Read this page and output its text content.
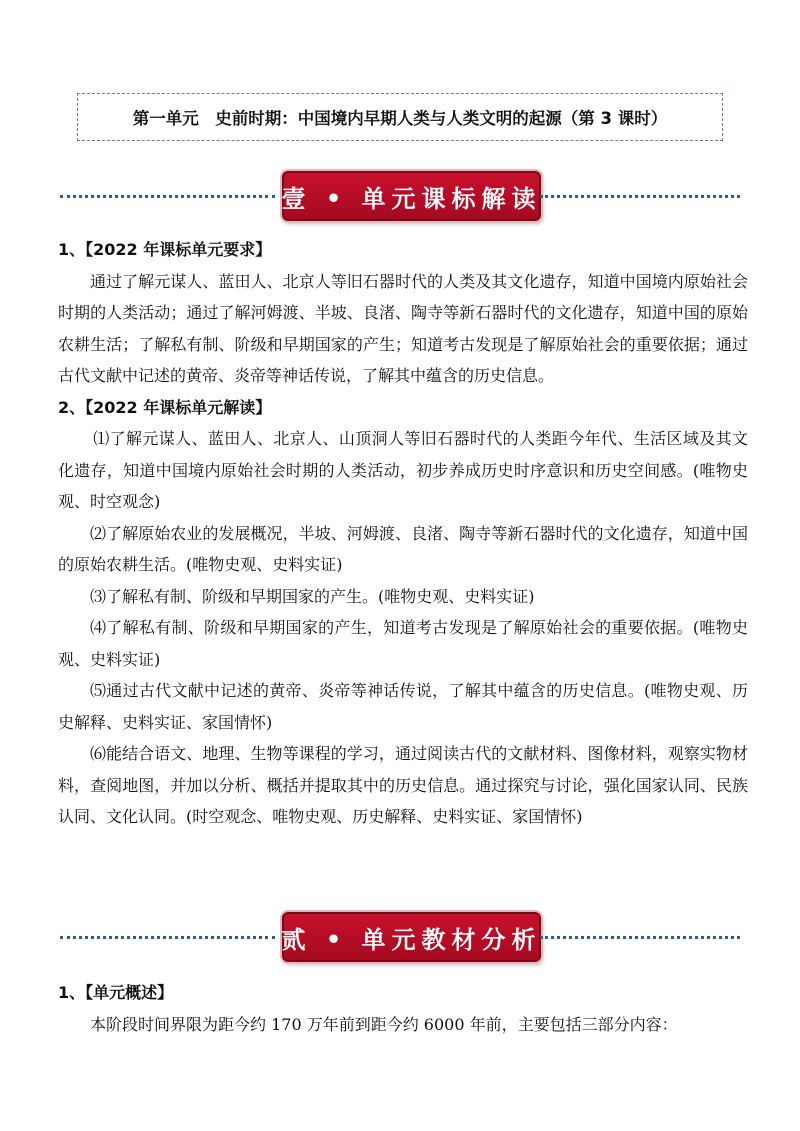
第一单元　史前时期：中国境内早期人类与人类文明的起源（第 3 课时）
壹 • 单元课标解读

1、【2022 年课标单元要求】

通过了解元谋人、蓝田人、北京人等旧石器时代的人类及其文化遗存，知道中国境内原始社会时期的人类活动；通过了解河姆渡、半坡、良渚、陶寺等新石器时代的文化遗存，知道中国的原始农耕生活；了解私有制、阶级和早期国家的产生；知道考古发现是了解原始社会的重要依据；通过古代文献中记述的黄帝、炎帝等神话传说，了解其中蕴含的历史信息。

2、【2022 年课标单元解读】

⑴了解元谋人、蓝田人、北京人、山顶洞人等旧石器时代的人类距今年代、生活区域及其文化遗存，知道中国境内原始社会时期的人类活动，初步养成历史时序意识和历史空间感。(唯物史观、时空观念)

⑵了解原始农业的发展概况，半坡、河姆渡、良渚、陶寺等新石器时代的文化遗存，知道中国的原始农耕生活。(唯物史观、史料实证)

⑶了解私有制、阶级和早期国家的产生。(唯物史观、史料实证)

⑷了解私有制、阶级和早期国家的产生，知道考古发现是了解原始社会的重要依据。(唯物史观、史料实证)

⑸通过古代文献中记述的黄帝、炎帝等神话传说，了解其中蕴含的历史信息。(唯物史观、历史解释、史料实证、家国情怀)

⑹能结合语文、地理、生物等课程的学习，通过阅读古代的文献材料、图像材料，观察实物材料，查阅地图，并加以分析、概括并提取其中的历史信息。通过探究与讨论，强化国家认同、民族认同、文化认同。(时空观念、唯物史观、历史解释、史料实证、家国情怀)

贰 • 单元教材分析

1、【单元概述】

本阶段时间界限为距今约 170 万年前到距今约 6000 年前，主要包括三部分内容：
